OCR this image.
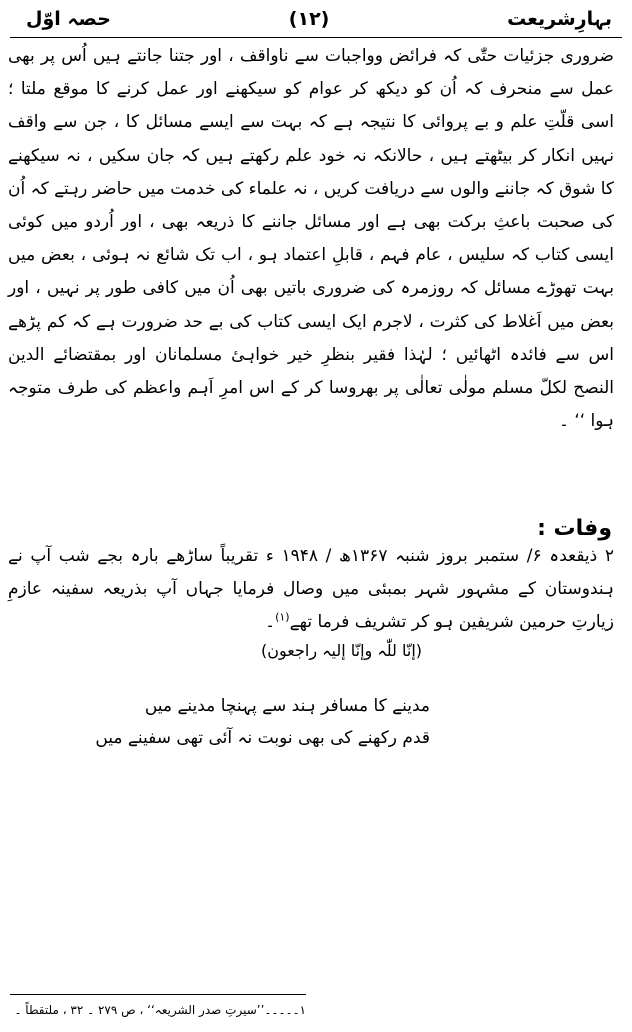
بہارِشریعت
(۱۲)
حصہ اوّل

ضروری جزئیات حتّٰی کہ فرائض وواجبات سے ناواقف ، اور جتنا جانتے ہیں اُس پر بھی عمل سے منحرف کہ اُن کو دیکھ کر عوام کو سیکھنے اور عمل کرنے کا موقع ملتا ؛ اسی قلّتِ علم و بے پروائی کا نتیجہ ہے کہ بہت سے ایسے مسائل کا ، جن سے واقف نہیں انکار کر بیٹھتے ہیں ، حالانکہ نہ خود علم رکھتے ہیں کہ جان سکیں ، نہ سیکھنے کا شوق کہ جاننے والوں سے دریافت کریں ، نہ علماء کی خدمت میں حاضر رہتے کہ اُن کی صحبت باعثِ برکت بھی ہے اور مسائل جاننے کا ذریعہ بھی ، اور اُردو میں کوئی ایسی کتاب کہ سلیس ، عام فہم ، قابلِ اعتماد ہو ، اب تک شائع نہ ہوئی ، بعض میں بہت تھوڑے مسائل کہ روزمرہ کی ضروری باتیں بھی اُن میں کافی طور پر نہیں ، اور بعض میں اَغلاط کی کثرت ، لاجرم ایک ایسی کتاب کی بے حد ضرورت ہے کہ کم پڑھے اس سے فائدہ اٹھائیں ؛ لہٰذا فقیر بنظرِ خیر خواہیٔ مسلمانان اور بمقتضائے الدین النصح لکلّ مسلم مولٰی تعالٰی پر بھروسا کر کے اس امرِ اَہم واعظم کی طرف متوجہ ہوا ‘‘ ۔

وفات :

۲ ذیقعدہ ۶/ ستمبر بروز شنبہ ۱۳۶۷ھ / ۱۹۴۸ ء تقریباً ساڑھے بارہ بجے شب آپ نے ہندوستان کے مشہور شہر بمبئی میں وصال فرمایا جہاں آپ بذریعہ سفینہ عازمِ زیارتِ حرمین شریفین ہو کر تشریف فرما تھے$^{(۱)}$۔

(إنّا للّٰہ وإنّا إلیہ راجعون)
مدینے کا مسافر ہند سے پہنچا مدینے میں
قدم رکھنے کی بھی نوبت نہ آئی تھی سفینے میں
۱۔۔۔۔۔’’سیرتِ صدر الشریعہ‘‘ ، ص ۲۷۹ ۔ ۳۲ ، ملتقطاً ۔
